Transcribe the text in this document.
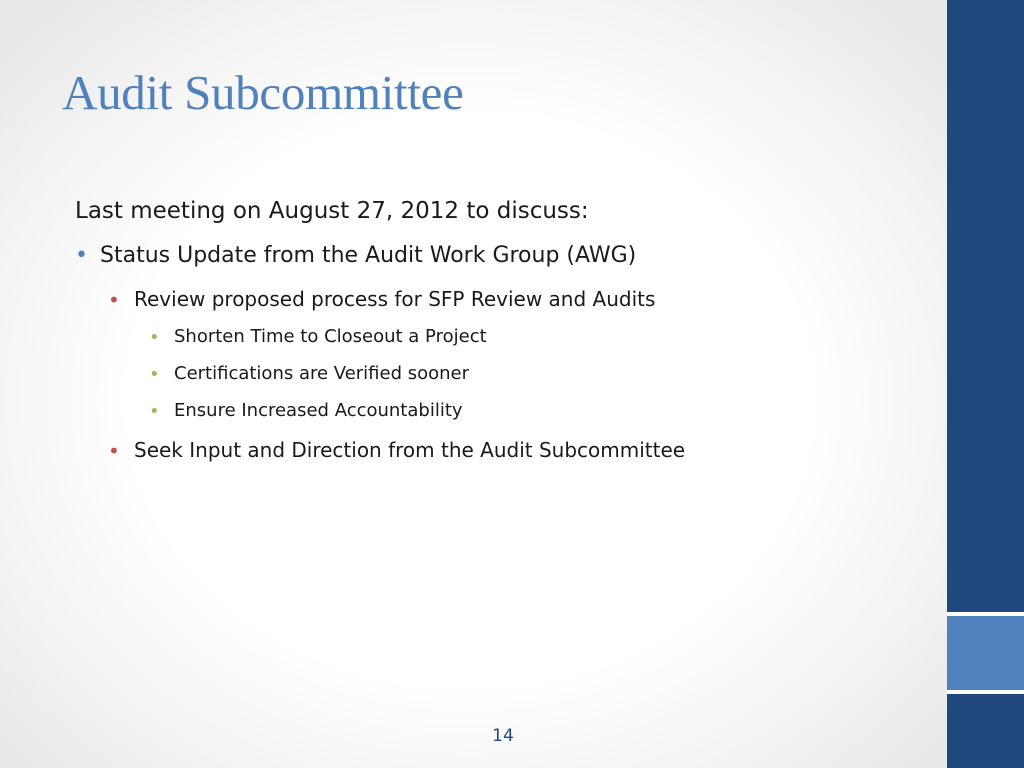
Audit Subcommittee
Last meeting on August 27, 2012 to discuss:
• Status Update from the Audit Work Group (AWG)
• Review proposed process for SFP Review and Audits
• Shorten Time to Closeout a Project
• Certifications are Verified sooner
• Ensure Increased Accountability
• Seek Input and Direction from the Audit Subcommittee
14
